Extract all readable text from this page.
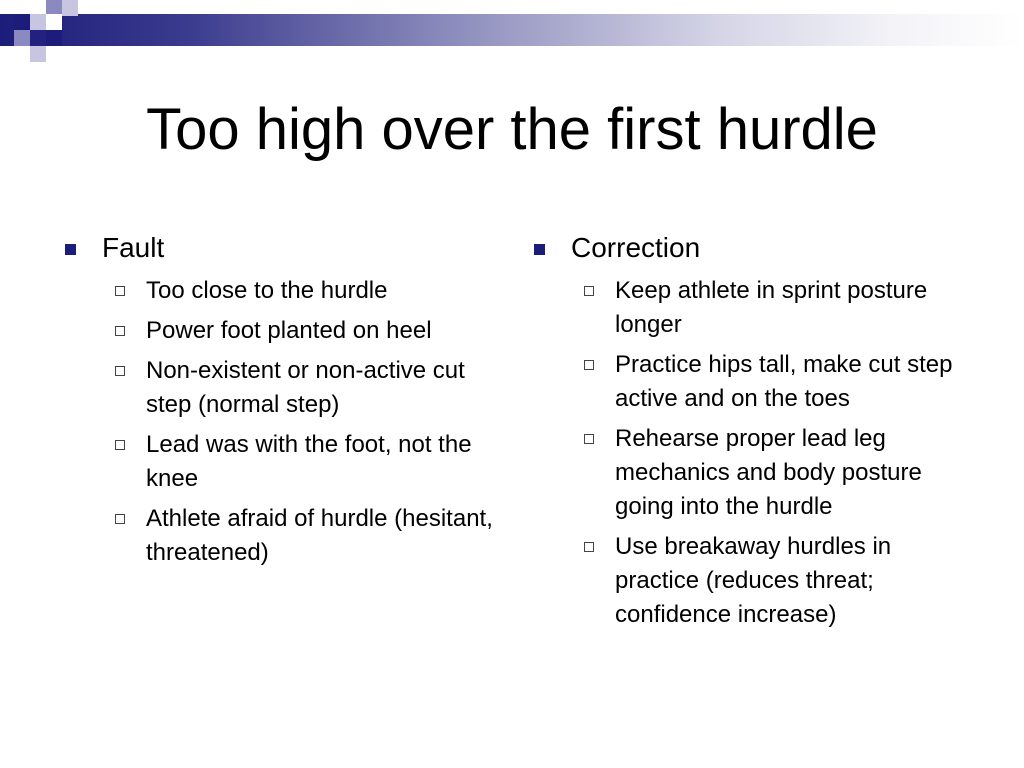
Too high over the first hurdle
Fault
Too close to the hurdle
Power foot planted on heel
Non-existent or non-active cut step (normal step)
Lead was with the foot, not the knee
Athlete afraid of hurdle (hesitant, threatened)
Correction
Keep athlete in sprint posture longer
Practice hips tall, make cut step active and on the toes
Rehearse proper lead leg mechanics and body posture going into the hurdle
Use breakaway hurdles in practice (reduces threat; confidence increase)
